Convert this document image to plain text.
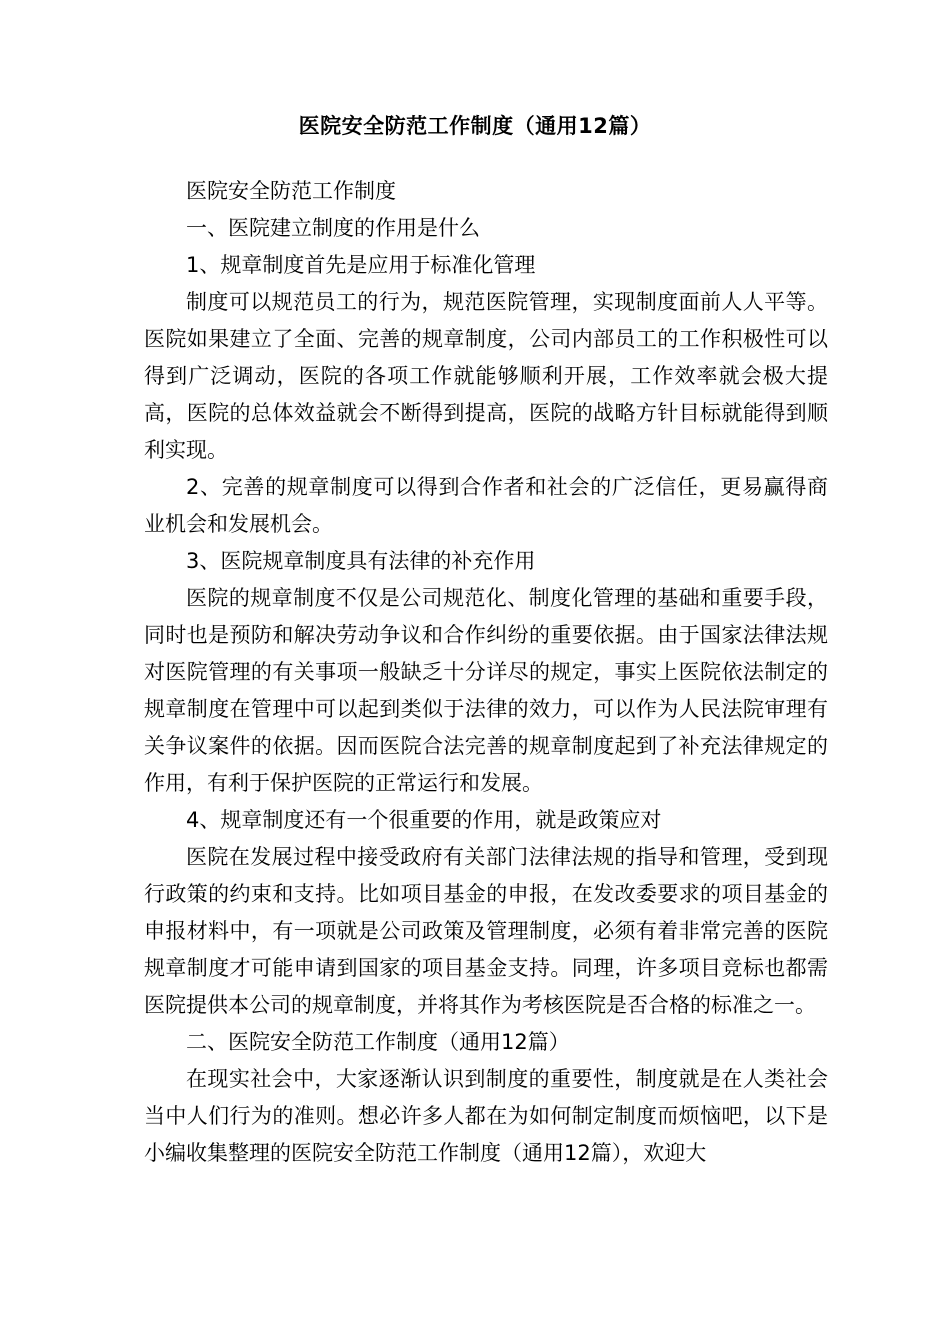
医院安全防范工作制度（通用12篇）

医院安全防范工作制度

一、医院建立制度的作用是什么

1、规章制度首先是应用于标准化管理

制度可以规范员工的行为，规范医院管理，实现制度面前人人平等。医院如果建立了全面、完善的规章制度，公司内部员工的工作积极性可以得到广泛调动，医院的各项工作就能够顺利开展，工作效率就会极大提高，医院的总体效益就会不断得到提高，医院的战略方针目标就能得到顺利实现。

2、完善的规章制度可以得到合作者和社会的广泛信任，更易赢得商业机会和发展机会。

3、医院规章制度具有法律的补充作用

医院的规章制度不仅是公司规范化、制度化管理的基础和重要手段，同时也是预防和解决劳动争议和合作纠纷的重要依据。由于国家法律法规对医院管理的有关事项一般缺乏十分详尽的规定，事实上医院依法制定的规章制度在管理中可以起到类似于法律的效力，可以作为人民法院审理有关争议案件的依据。因而医院合法完善的规章制度起到了补充法律规定的作用，有利于保护医院的正常运行和发展。

4、规章制度还有一个很重要的作用，就是政策应对

医院在发展过程中接受政府有关部门法律法规的指导和管理，受到现行政策的约束和支持。比如项目基金的申报，在发改委要求的项目基金的申报材料中，有一项就是公司政策及管理制度，必须有着非常完善的医院规章制度才可能申请到国家的项目基金支持。同理，许多项目竞标也都需医院提供本公司的规章制度，并将其作为考核医院是否合格的标准之一。

二、医院安全防范工作制度（通用12篇）

在现实社会中，大家逐渐认识到制度的重要性，制度就是在人类社会当中人们行为的准则。想必许多人都在为如何制定制度而烦恼吧，以下是小编收集整理的医院安全防范工作制度（通用12篇），欢迎大
